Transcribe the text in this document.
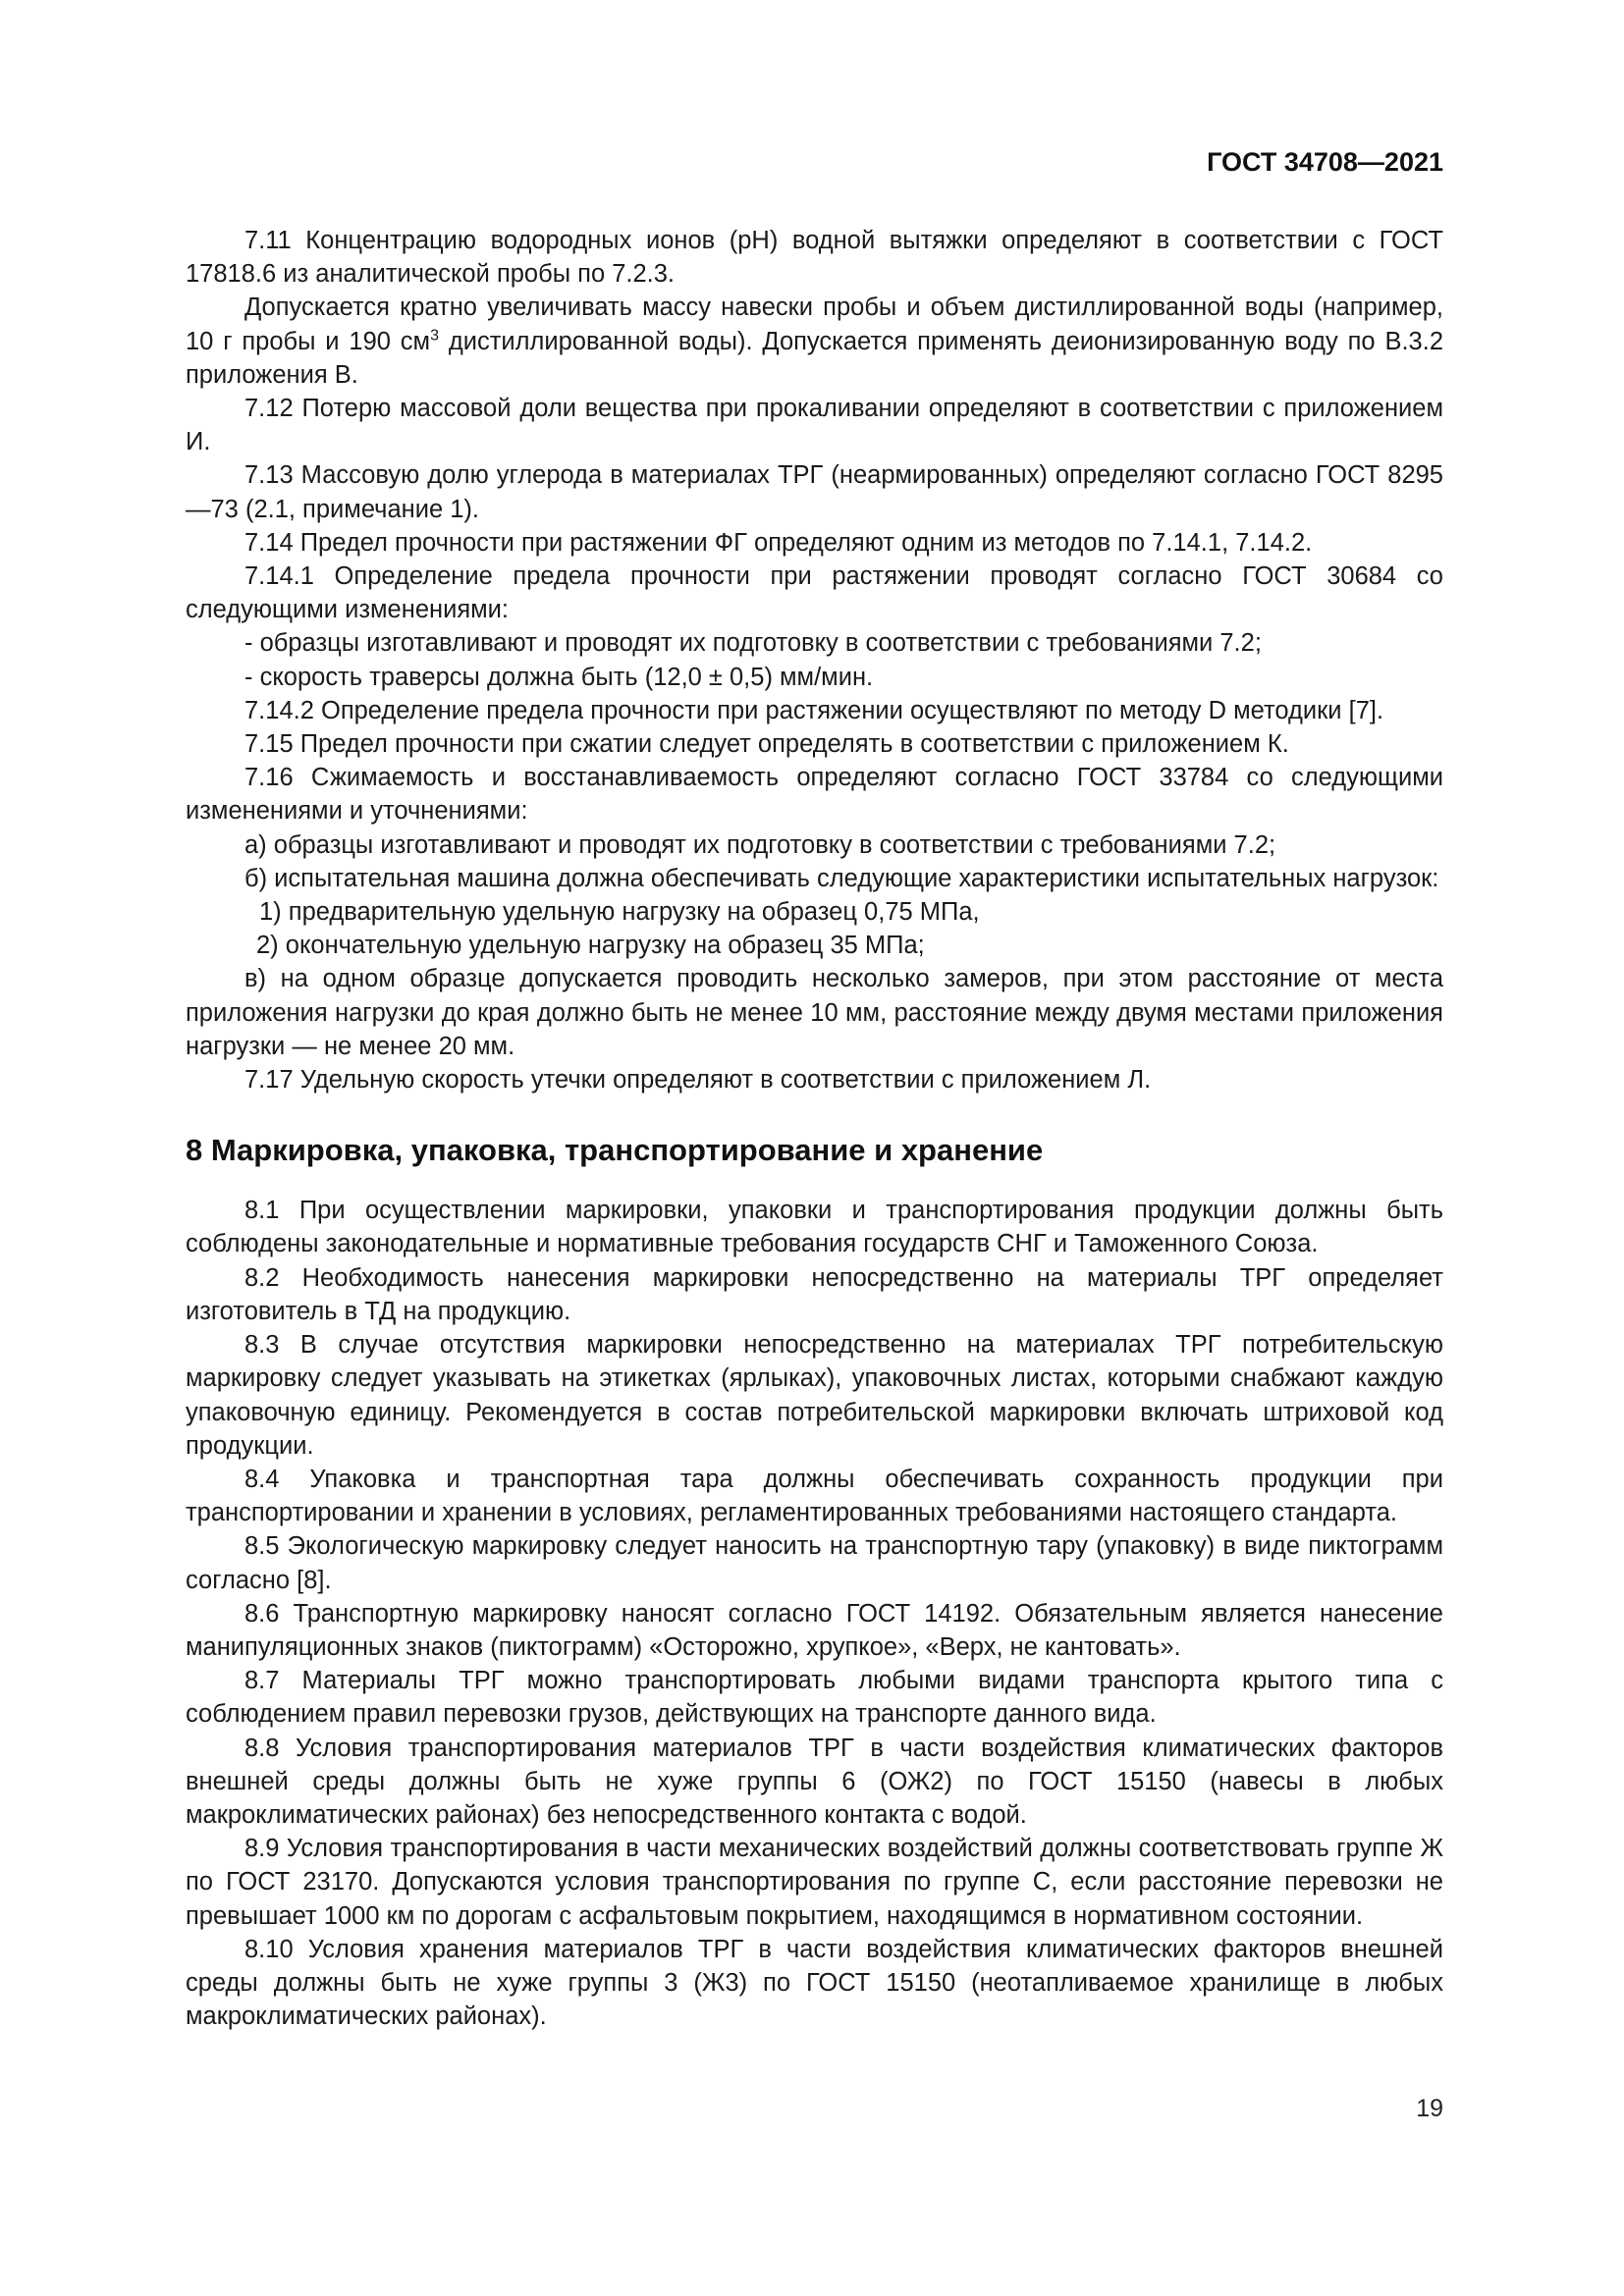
ГОСТ 34708—2021

7.11 Концентрацию водородных ионов (рН) водной вытяжки определяют в соответствии с ГОСТ 17818.6 из аналитической пробы по 7.2.3.

Допускается кратно увеличивать массу навески пробы и объем дистиллированной воды (например, 10 г пробы и 190 $см^3$ дистиллированной воды). Допускается применять деионизированную воду по В.3.2 приложения В.

7.12 Потерю массовой доли вещества при прокаливании определяют в соответствии с приложением И.

7.13 Массовую долю углерода в материалах ТРГ (неармированных) определяют согласно ГОСТ 8295—73 (2.1, примечание 1).

7.14 Предел прочности при растяжении ФГ определяют одним из методов по 7.14.1, 7.14.2.

7.14.1 Определение предела прочности при растяжении проводят согласно ГОСТ 30684 со следующими изменениями:

- образцы изготавливают и проводят их подготовку в соответствии с требованиями 7.2;

- скорость траверсы должна быть (12,0 ± 0,5) мм/мин.

7.14.2 Определение предела прочности при растяжении осуществляют по методу D методики [7].

7.15 Предел прочности при сжатии следует определять в соответствии с приложением К.

7.16 Сжимаемость и восстанавливаемость определяют согласно ГОСТ 33784 со следующими изменениями и уточнениями:

а) образцы изготавливают и проводят их подготовку в соответствии с требованиями 7.2;

б) испытательная машина должна обеспечивать следующие характеристики испытательных нагрузок:

1) предварительную удельную нагрузку на образец 0,75 МПа,

2) окончательную удельную нагрузку на образец 35 МПа;

в) на одном образце допускается проводить несколько замеров, при этом расстояние от места приложения нагрузки до края должно быть не менее 10 мм, расстояние между двумя местами приложения нагрузки — не менее 20 мм.

7.17 Удельную скорость утечки определяют в соответствии с приложением Л.

8 Маркировка, упаковка, транспортирование и хранение

8.1 При осуществлении маркировки, упаковки и транспортирования продукции должны быть соблюдены законодательные и нормативные требования государств СНГ и Таможенного Союза.

8.2 Необходимость нанесения маркировки непосредственно на материалы ТРГ определяет изготовитель в ТД на продукцию.

8.3 В случае отсутствия маркировки непосредственно на материалах ТРГ потребительскую маркировку следует указывать на этикетках (ярлыках), упаковочных листах, которыми снабжают каждую упаковочную единицу. Рекомендуется в состав потребительской маркировки включать штриховой код продукции.

8.4 Упаковка и транспортная тара должны обеспечивать сохранность продукции при транспортировании и хранении в условиях, регламентированных требованиями настоящего стандарта.

8.5 Экологическую маркировку следует наносить на транспортную тару (упаковку) в виде пиктограмм согласно [8].

8.6 Транспортную маркировку наносят согласно ГОСТ 14192. Обязательным является нанесение манипуляционных знаков (пиктограмм) «Осторожно, хрупкое», «Верх, не кантовать».

8.7 Материалы ТРГ можно транспортировать любыми видами транспорта крытого типа с соблюдением правил перевозки грузов, действующих на транспорте данного вида.

8.8 Условия транспортирования материалов ТРГ в части воздействия климатических факторов внешней среды должны быть не хуже группы 6 (ОЖ2) по ГОСТ 15150 (навесы в любых макроклиматических районах) без непосредственного контакта с водой.

8.9 Условия транспортирования в части механических воздействий должны соответствовать группе Ж по ГОСТ 23170. Допускаются условия транспортирования по группе С, если расстояние перевозки не превышает 1000 км по дорогам с асфальтовым покрытием, находящимся в нормативном состоянии.

8.10 Условия хранения материалов ТРГ в части воздействия климатических факторов внешней среды должны быть не хуже группы 3 (Ж3) по ГОСТ 15150 (неотапливаемое хранилище в любых макроклиматических районах).

19
